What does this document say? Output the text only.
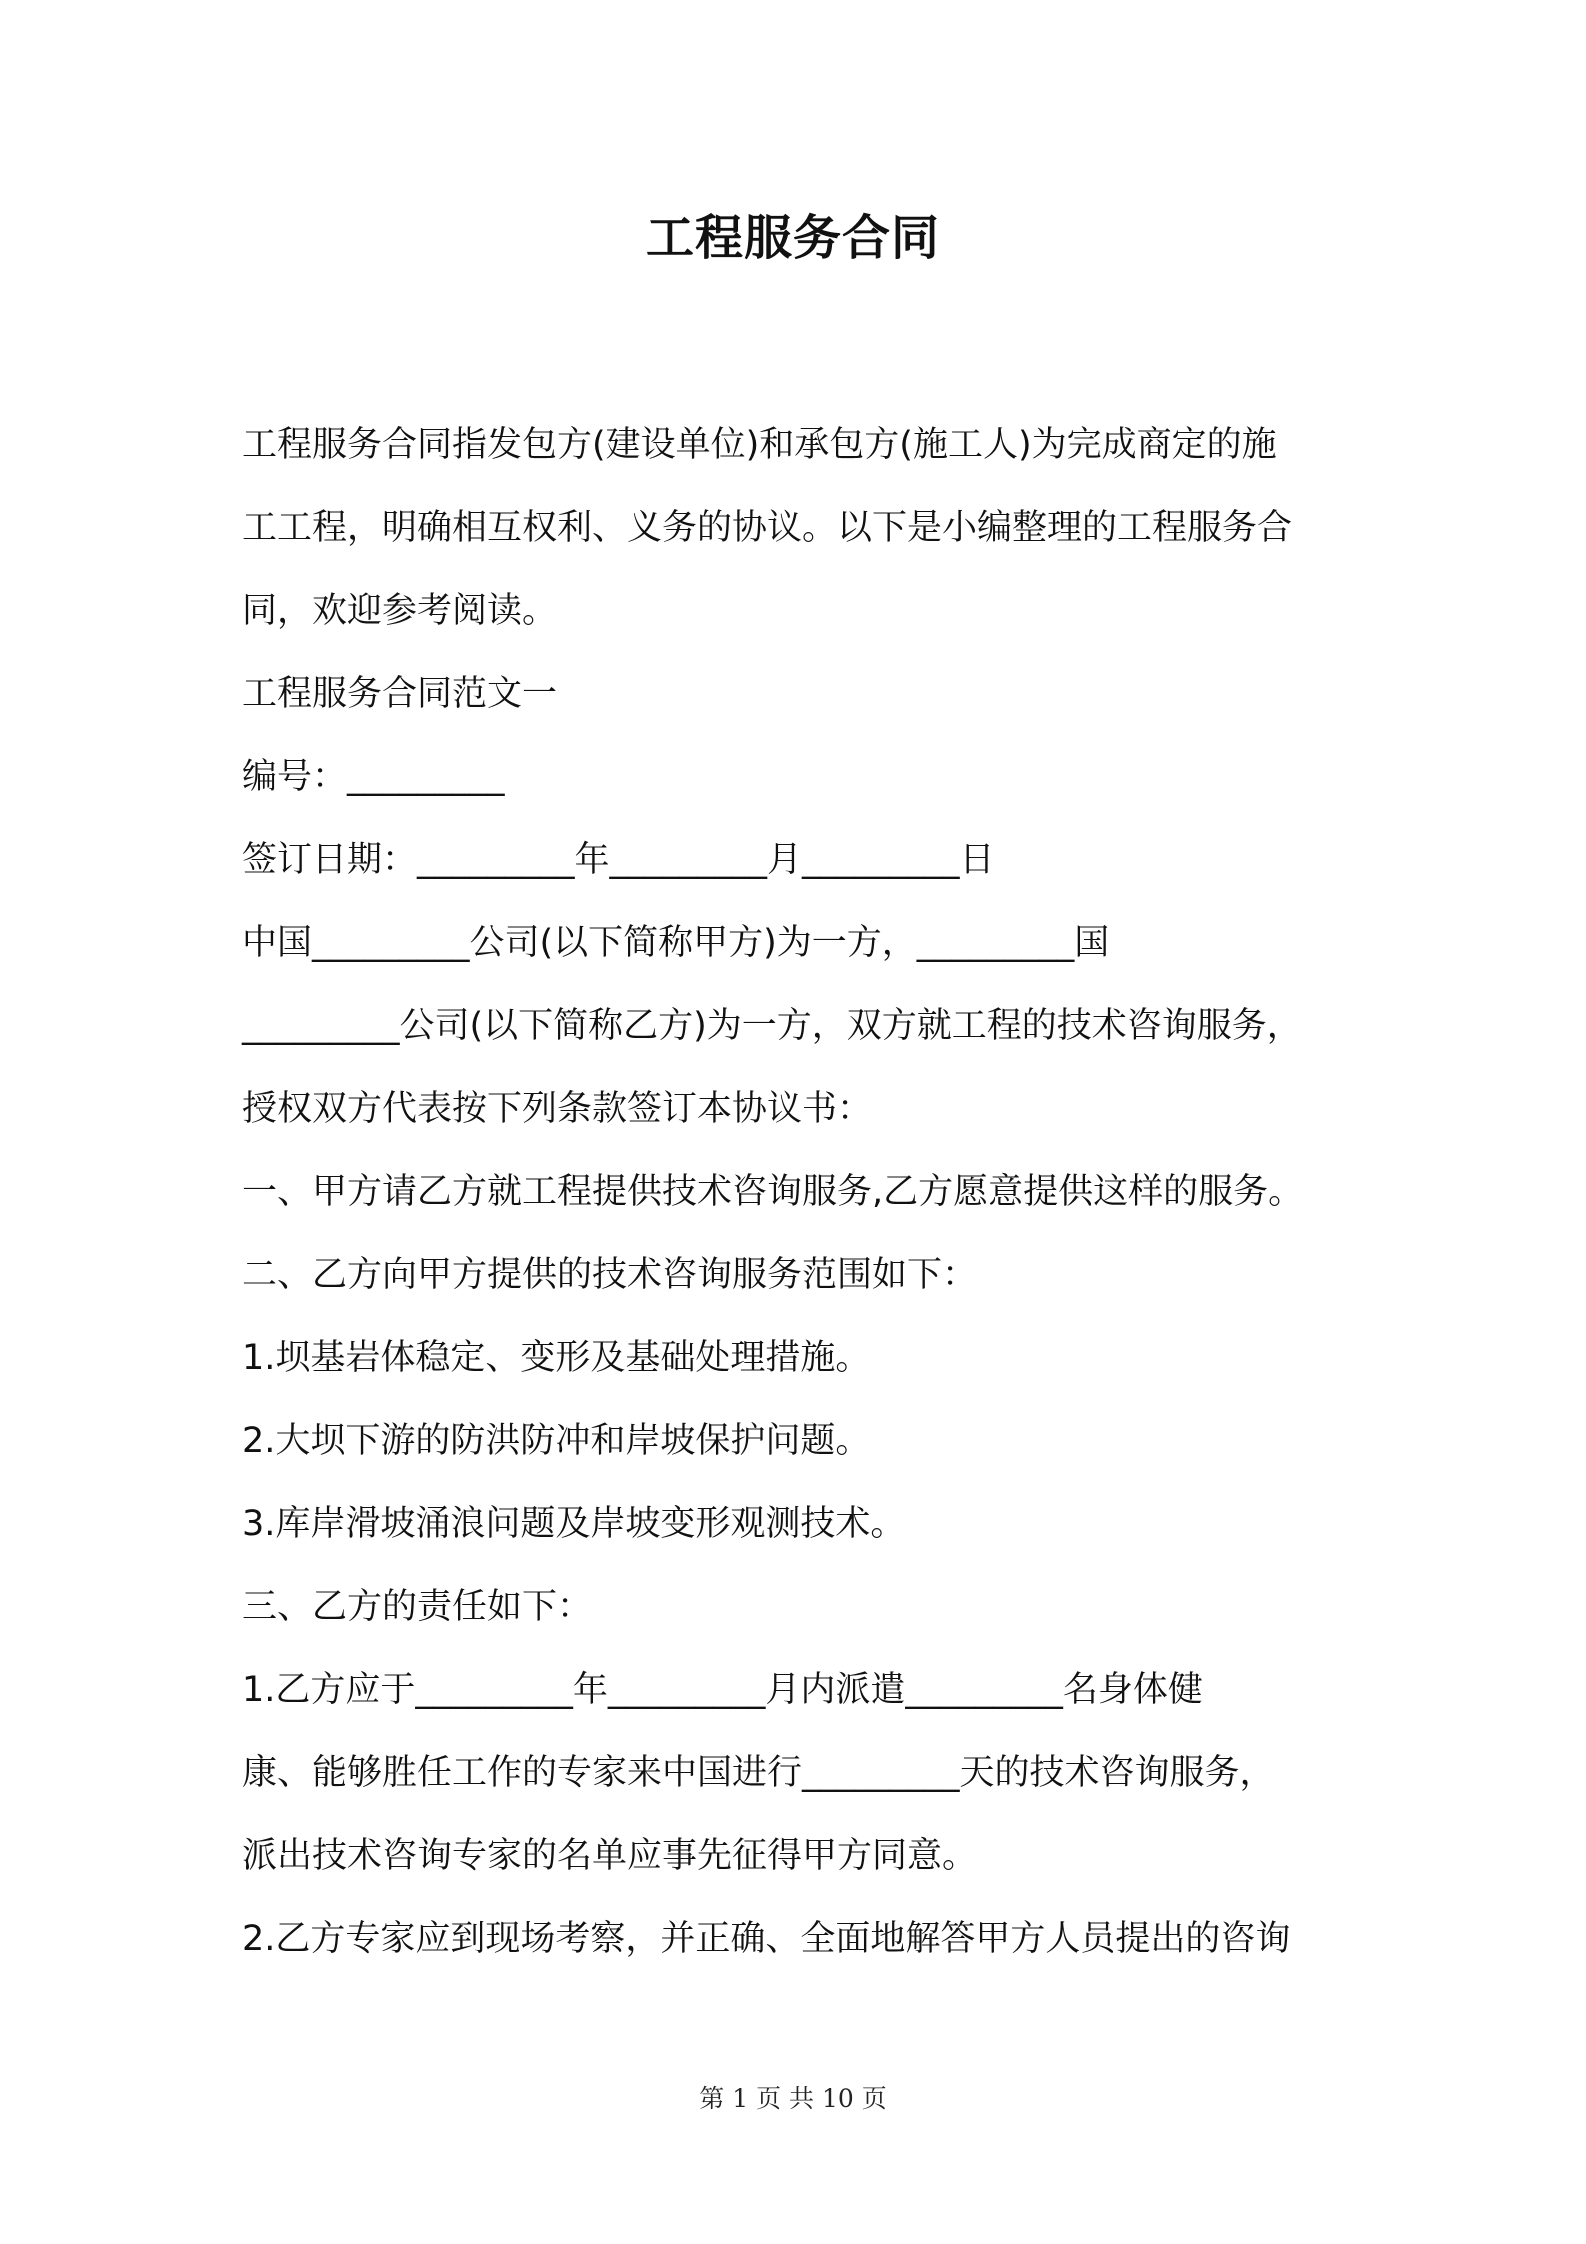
工程服务合同

工程服务合同指发包方(建设单位)和承包方(施工人)为完成商定的施

工工程，明确相互权利、义务的协议。以下是小编整理的工程服务合

同，欢迎参考阅读。

工程服务合同范文一

编号：_________

签订日期：_________年_________月_________日

中国_________公司(以下简称甲方)为一方，_________国

_________公司(以下简称乙方)为一方，双方就工程的技术咨询服务，

授权双方代表按下列条款签订本协议书：

一、甲方请乙方就工程提供技术咨询服务,乙方愿意提供这样的服务。

二、乙方向甲方提供的技术咨询服务范围如下：

1.坝基岩体稳定、变形及基础处理措施。

2.大坝下游的防洪防冲和岸坡保护问题。

3.库岸滑坡涌浪问题及岸坡变形观测技术。

三、乙方的责任如下：

1.乙方应于_________年_________月内派遣_________名身体健

康、能够胜任工作的专家来中国进行_________天的技术咨询服务，

派出技术咨询专家的名单应事先征得甲方同意。

2.乙方专家应到现场考察，并正确、全面地解答甲方人员提出的咨询

第 1 页 共 10 页
